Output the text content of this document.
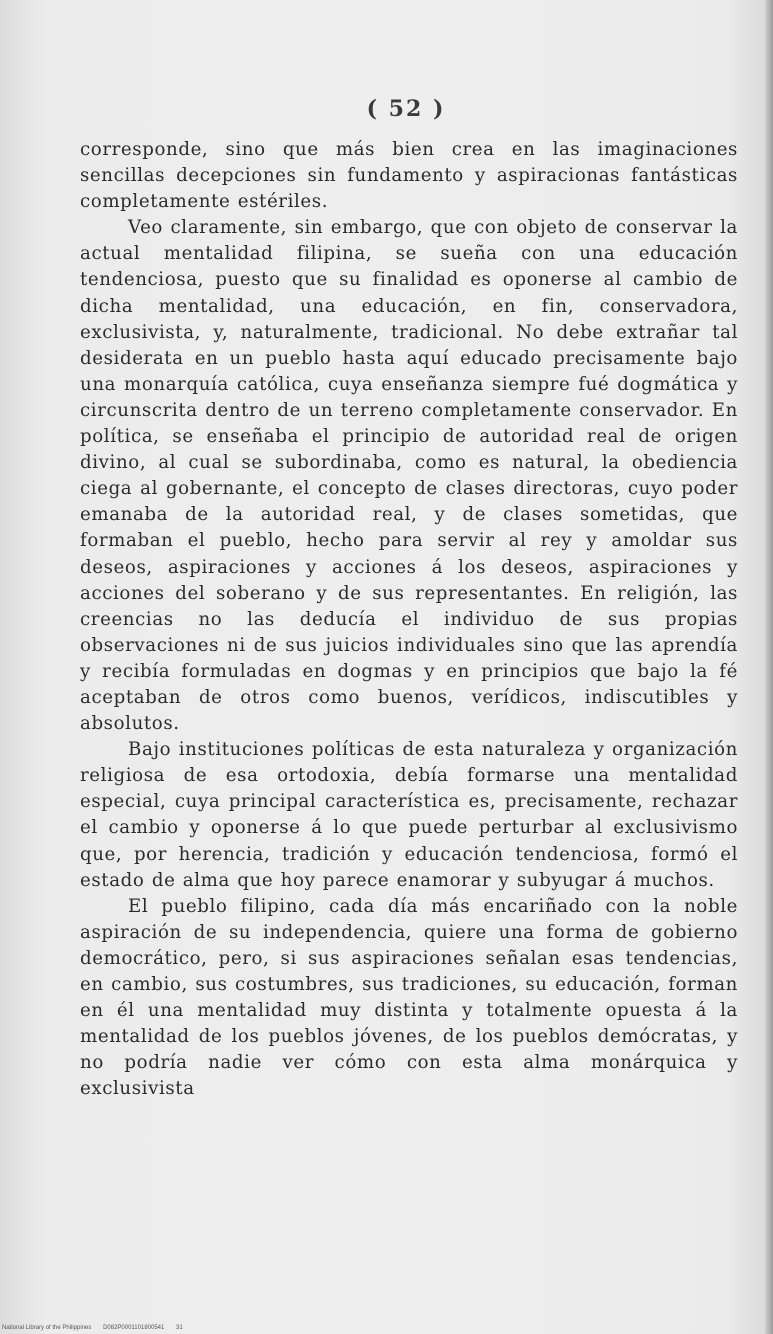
( 52 )

corresponde, sino que más bien crea en las imaginaciones sencillas decepciones sin fundamento y aspiracionas fantásticas completamente estériles.

Veo claramente, sin embargo, que con objeto de conservar la actual mentalidad filipina, se sueña con una educación tendenciosa, puesto que su finalidad es oponerse al cambio de dicha mentalidad, una educación, en fin, conservadora, exclusivista, y, naturalmente, tradicional. No debe extrañar tal desiderata en un pueblo hasta aquí educado precisamente bajo una monarquía católica, cuya enseñanza siempre fué dogmática y circunscrita dentro de un terreno completamente conservador. En política, se enseñaba el principio de autoridad real de origen divino, al cual se subordinaba, como es natural, la obediencia ciega al gobernante, el concepto de clases directoras, cuyo poder emanaba de la autoridad real, y de clases sometidas, que formaban el pueblo, hecho para servir al rey y amoldar sus deseos, aspiraciones y acciones á los deseos, aspiraciones y acciones del soberano y de sus representantes. En religión, las creencias no las deducía el individuo de sus propias observaciones ni de sus juicios individuales sino que las aprendía y recibía formuladas en dogmas y en principios que bajo la fé aceptaban de otros como buenos, verídicos, indiscutibles y absolutos.

Bajo instituciones políticas de esta naturaleza y organización religiosa de esa ortodoxia, debía formarse una mentalidad especial, cuya principal característica es, precisamente, rechazar el cambio y oponerse á lo que puede perturbar al exclusivismo que, por herencia, tradición y educación tendenciosa, formó el estado de alma que hoy parece enamorar y subyugar á muchos.

El pueblo filipino, cada día más encariñado con la noble aspiración de su independencia, quiere una forma de gobierno democrático, pero, si sus aspiraciones señalan esas tendencias, en cambio, sus costumbres, sus tradiciones, su educación, forman en él una mentalidad muy distinta y totalmente opuesta á la mentalidad de los pueblos jóvenes, de los pueblos demócratas, y no podría nadie ver cómo con esta alma monárquica y exclusivista

National Library of the Philippines D082P0001101800541 31
